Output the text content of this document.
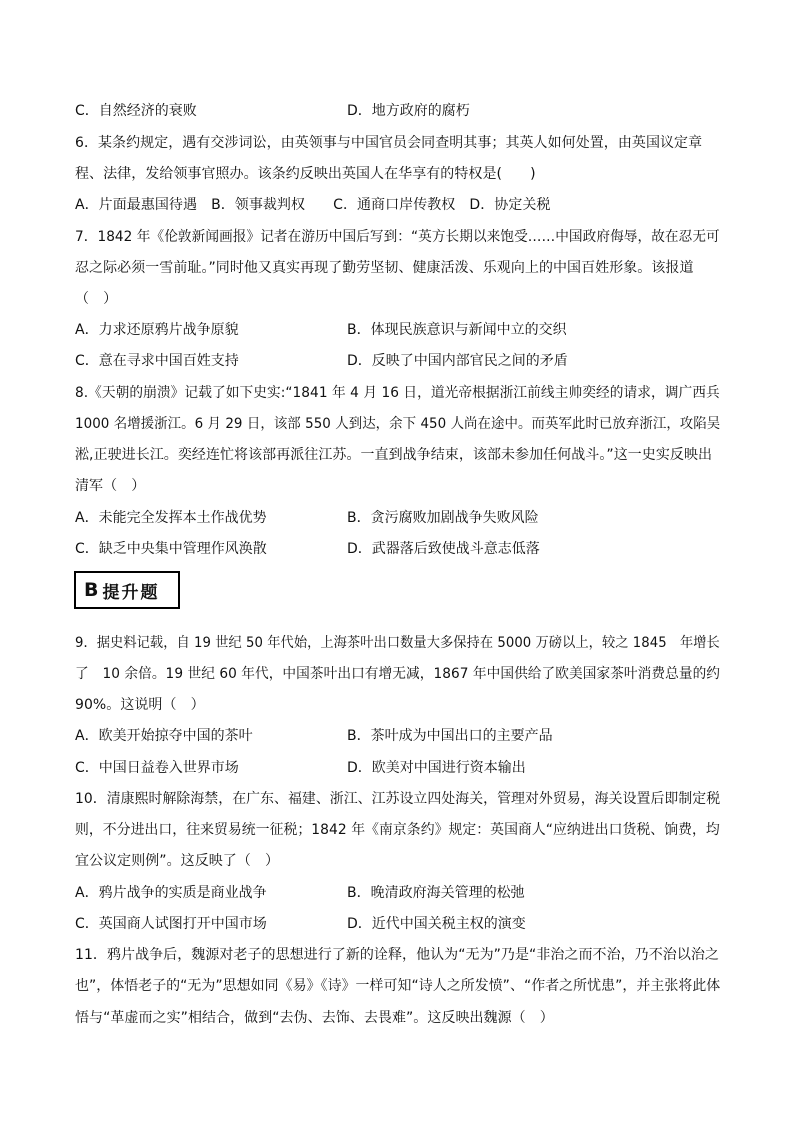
C．自然经济的衰败	D．地方政府的腐朽
6．某条约规定，遇有交涉词讼，由英领事与中国官员会同查明其事；其英人如何处置，由英国议定章
程、法律，发给领事官照办。该条约反映出英国人在华享有的特权是(　　)
A．片面最惠国待遇　B．领事裁判权　　C．通商口岸传教权　D．协定关税
7．1842 年《伦敦新闻画报》记者在游历中国后写到：“英方长期以来饱受……中国政府侮辱，故在忍无可
忍之际必须一雪前耻。”同时他又真实再现了勤劳坚韧、健康活泼、乐观向上的中国百姓形象。该报道
（　）
A．力求还原鸦片战争原貌	B．体现民族意识与新闻中立的交织
C．意在寻求中国百姓支持	D．反映了中国内部官民之间的矛盾
8.《天朝的崩溃》记载了如下史实:“1841 年 4 月 16 日，道光帝根据浙江前线主帅奕经的请求，调广西兵
1000 名增援浙江。6 月 29 日，该部 550 人到达，余下 450 人尚在途中。而英军此时已放弃浙江，攻陷吴
淞,正驶进长江。奕经连忙将该部再派往江苏。一直到战争结束，该部未参加任何战斗。”这一史实反映出
清军（　）
A．未能完全发挥本土作战优势	B．贪污腐败加剧战争失败风险
C．缺乏中央集中管理作风涣散	D．武器落后致使战斗意志低落
B 提升题
9．据史料记载，自 19 世纪 50 年代始，上海茶叶出口数量大多保持在 5000 万磅以上，较之 1845　年增长
了　10 余倍。19 世纪 60 年代，中国茶叶出口有增无减，1867 年中国供给了欧美国家茶叶消费总量的约
90%。这说明（　）
A．欧美开始掠夺中国的茶叶	B．茶叶成为中国出口的主要产品
C．中国日益卷入世界市场	D．欧美对中国进行资本输出
10．清康熙时解除海禁，在广东、福建、浙江、江苏设立四处海关，管理对外贸易，海关设置后即制定税
则，不分进出口，往来贸易统一征税；1842 年《南京条约》规定：英国商人“应纳进出口货税、饷费，均
宜公议定则例”。这反映了（　）
A．鸦片战争的实质是商业战争	B．晚清政府海关管理的松弛
C．英国商人试图打开中国市场	D．近代中国关税主权的演变
11．鸦片战争后，魏源对老子的思想进行了新的诠释，他认为“无为”乃是“非治之而不治，乃不治以治之
也”，体悟老子的“无为”思想如同《易》《诗》一样可知“诗人之所发愤”、“作者之所忧患”，并主张将此体
悟与“革虚而之实”相结合，做到“去伪、去饰、去畏难”。这反映出魏源（　）
